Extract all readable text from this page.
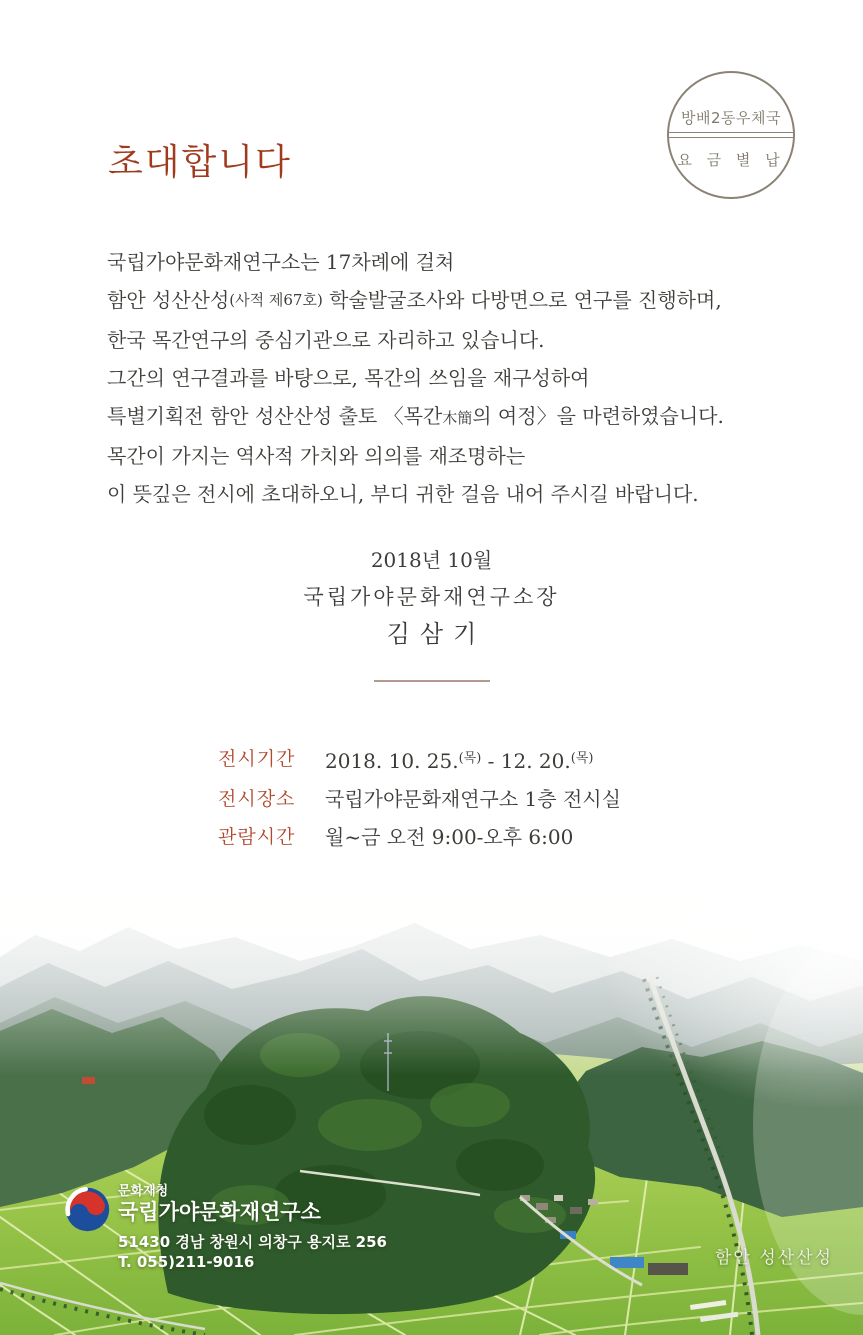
방배2동우체국
요 금 별 납
초대합니다
국립가야문화재연구소는 17차례에 걸쳐
함안 성산산성(사적 제67호) 학술발굴조사와 다방면으로 연구를 진행하며,
한국 목간연구의 중심기관으로 자리하고 있습니다.
그간의 연구결과를 바탕으로, 목간의 쓰임을 재구성하여
특별기획전 함안 성산산성 출토 〈목간木簡의 여정〉을 마련하였습니다.
목간이 가지는 역사적 가치와 의의를 재조명하는
이 뜻깊은 전시에 초대하오니, 부디 귀한 걸음 내어 주시길 바랍니다.
2018년 10월
국립가야문화재연구소장
김삼기
전시기간	2018. 10. 25.$^{(목)}$ - 12. 20.$^{(목)}$
전시장소	국립가야문화재연구소 1층 전시실
관람시간	월~금 오전 9:00-오후 6:00
문화재청
국립가야문화재연구소
51430 경남 창원시 의창구 용지로 256
T. 055)211-9016	함안 성산산성
